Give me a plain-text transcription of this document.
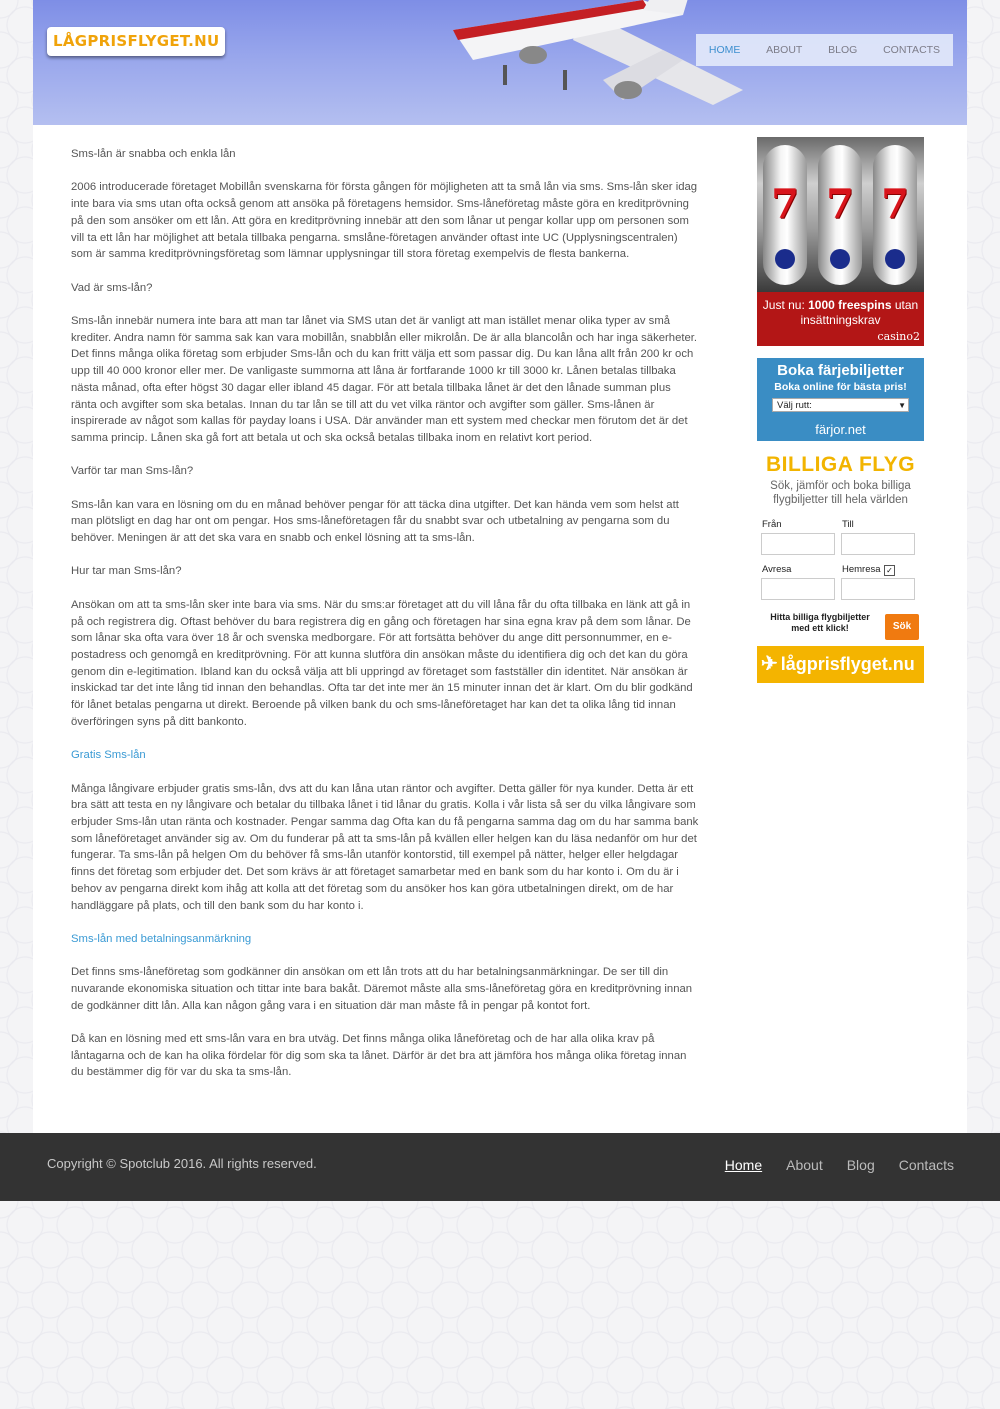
LÅGPRISFLYGET.NU	HOME ABOUT BLOG CONTACTS

Sms-lån är snabba och enkla lån

2006 introducerade företaget Mobillån svenskarna för första gången för möjligheten att ta små lån via sms. Sms-lån sker idag inte bara via sms utan ofta också genom att ansöka på företagens hemsidor. Sms-låneföretag måste göra en kreditprövning på den som ansöker om ett lån. Att göra en kreditprövning innebär att den som lånar ut pengar kollar upp om personen som vill ta ett lån har möjlighet att betala tillbaka pengarna. smslåne-företagen använder oftast inte UC (Upplysningscentralen) som är samma kreditprövningsföretag som lämnar upplysningar till stora företag exempelvis de flesta bankerna.

Vad är sms-lån?

Sms-lån innebär numera inte bara att man tar lånet via SMS utan det är vanligt att man istället menar olika typer av små krediter. Andra namn för samma sak kan vara mobillån, snabblån eller mikrolån. De är alla blancolån och har inga säkerheter. Det finns många olika företag som erbjuder Sms-lån och du kan fritt välja ett som passar dig. Du kan låna allt från 200 kr och upp till 40 000 kronor eller mer. De vanligaste summorna att låna är fortfarande 1000 kr till 3000 kr. Lånen betalas tillbaka nästa månad, ofta efter högst 30 dagar eller ibland 45 dagar. För att betala tillbaka lånet är det den lånade summan plus ränta och avgifter som ska betalas. Innan du tar lån se till att du vet vilka räntor och avgifter som gäller. Sms-lånen är inspirerade av något som kallas för payday loans i USA. Där använder man ett system med checkar men förutom det är det samma princip. Lånen ska gå fort att betala ut och ska också betalas tillbaka inom en relativt kort period.

Varför tar man Sms-lån?

Sms-lån kan vara en lösning om du en månad behöver pengar för att täcka dina utgifter. Det kan hända vem som helst att man plötsligt en dag har ont om pengar. Hos sms-låneföretagen får du snabbt svar och utbetalning av pengarna som du behöver. Meningen är att det ska vara en snabb och enkel lösning att ta sms-lån.

Hur tar man Sms-lån?

Ansökan om att ta sms-lån sker inte bara via sms. När du sms:ar företaget att du vill låna får du ofta tillbaka en länk att gå in på och registrera dig. Oftast behöver du bara registrera dig en gång och företagen har sina egna krav på dem som lånar. De som lånar ska ofta vara över 18 år och svenska medborgare. För att fortsätta behöver du ange ditt personnummer, en e-postadress och genomgå en kreditprövning. För att kunna slutföra din ansökan måste du identifiera dig och det kan du göra genom din e-legitimation. Ibland kan du också välja att bli uppringd av företaget som fastställer din identitet. När ansökan är inskickad tar det inte lång tid innan den behandlas. Ofta tar det inte mer än 15 minuter innan det är klart. Om du blir godkänd för lånet betalas pengarna ut direkt. Beroende på vilken bank du och sms-låneföretaget har kan det ta olika lång tid innan överföringen syns på ditt bankonto.

Gratis Sms-lån

Många långivare erbjuder gratis sms-lån, dvs att du kan låna utan räntor och avgifter. Detta gäller för nya kunder. Detta är ett bra sätt att testa en ny långivare och betalar du tillbaka lånet i tid lånar du gratis. Kolla i vår lista så ser du vilka långivare som erbjuder Sms-lån utan ränta och kostnader. Pengar samma dag Ofta kan du få pengarna samma dag om du har samma bank som låneföretaget använder sig av. Om du funderar på att ta sms-lån på kvällen eller helgen kan du läsa nedanför om hur det fungerar. Ta sms-lån på helgen Om du behöver få sms-lån utanför kontorstid, till exempel på nätter, helger eller helgdagar finns det företag som erbjuder det. Det som krävs är att företaget samarbetar med en bank som du har konto i. Om du är i behov av pengarna direkt kom ihåg att kolla att det företag som du ansöker hos kan göra utbetalningen direkt, om de har handläggare på plats, och till den bank som du har konto i.

Sms-lån med betalningsanmärkning

Det finns sms-låneföretag som godkänner din ansökan om ett lån trots att du har betalningsanmärkningar. De ser till din nuvarande ekonomiska situation och tittar inte bara bakåt. Däremot måste alla sms-låneföretag göra en kreditprövning innan de godkänner ditt lån. Alla kan någon gång vara i en situation där man måste få in pengar på kontot fort.

Då kan en lösning med ett sms-lån vara en bra utväg. Det finns många olika låneföretag och de har alla olika krav på låntagarna och de kan ha olika fördelar för dig som ska ta lånet. Därför är det bra att jämföra hos många olika företag innan du bestämmer dig för var du ska ta sms-lån.

7 7 7
Just nu: 1000 freespins utan
insättningskrav
casino2
Boka färjebiljetter
Boka online för bästa pris!
Välj rutt:	▼
färjor.net
BILLIGA FLYG
Sök, jämför och boka billiga flygbiljetter till hela världen
Från	Till
Avresa	Hemresa ✓
Hitta billiga flygbiljetter med ett klick!	Sök
✈ lågprisflyget.nu
Copyright © Spotclub 2016. All rights reserved.	Home About Blog Contacts
